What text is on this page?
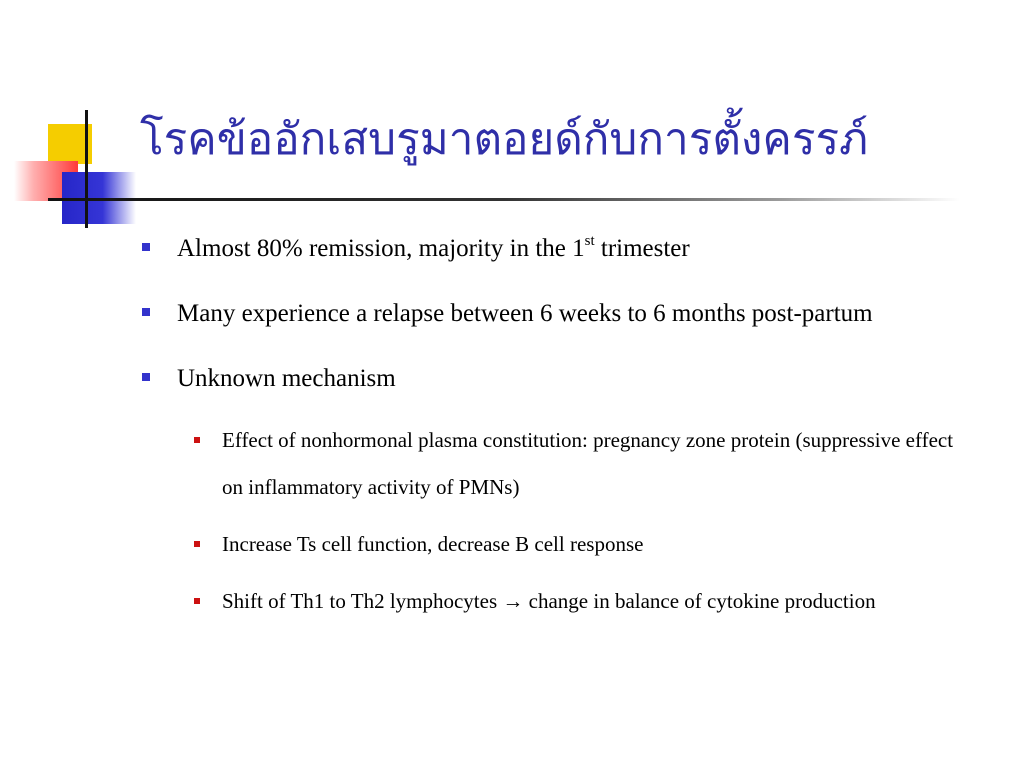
โรคข้ออักเสบรูมาตอยด์กับการตั้งครรภ์
Almost 80% remission, majority in the 1st trimester
Many experience a relapse between 6 weeks to 6 months post-partum
Unknown mechanism
Effect of nonhormonal plasma constitution: pregnancy zone protein (suppressive effect on inflammatory activity of PMNs)
Increase Ts cell function, decrease B cell response
Shift of Th1 to Th2 lymphocytes → change in balance of cytokine production
